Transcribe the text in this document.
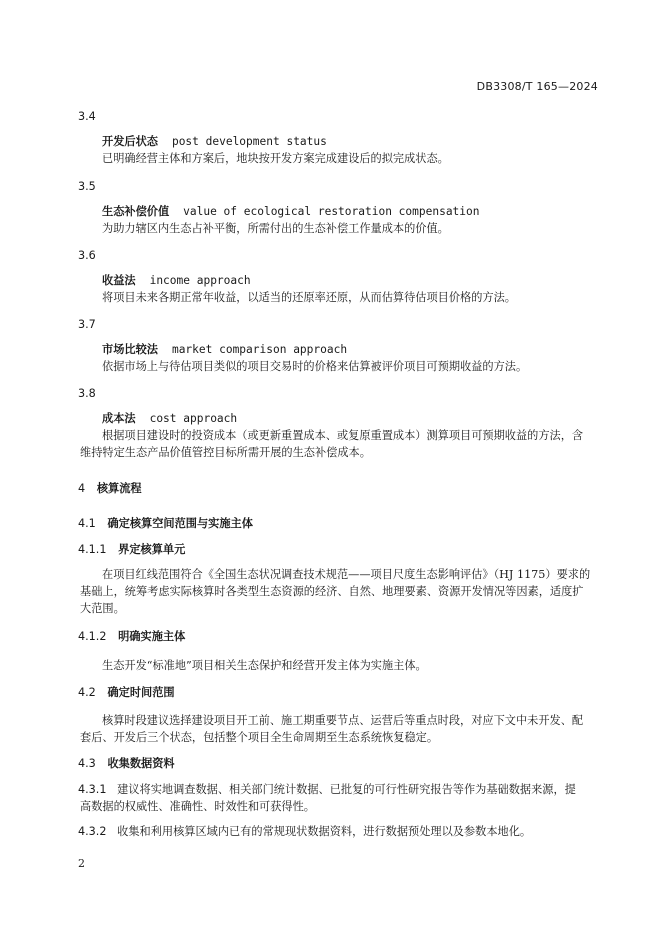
DB3308/T 165—2024
3.4
开发后状态 post development status
已明确经营主体和方案后，地块按开发方案完成建设后的拟完成状态。
3.5
生态补偿价值 value of ecological restoration compensation
为助力辖区内生态占补平衡，所需付出的生态补偿工作量成本的价值。
3.6
收益法 income approach
将项目未来各期正常年收益，以适当的还原率还原，从而估算待估项目价格的方法。
3.7
市场比较法 market comparison approach
依据市场上与待估项目类似的项目交易时的价格来估算被评价项目可预期收益的方法。
3.8
成本法 cost approach
根据项目建设时的投资成本（或更新重置成本、或复原重置成本）测算项目可预期收益的方法，含
维持特定生态产品价值管控目标所需开展的生态补偿成本。
4 核算流程
4.1 确定核算空间范围与实施主体
4.1.1 界定核算单元
在项目红线范围符合《全国生态状况调查技术规范——项目尺度生态影响评估》（HJ 1175）要求的
基础上，统筹考虑实际核算时各类型生态资源的经济、自然、地理要素、资源开发情况等因素，适度扩
大范围。
4.1.2 明确实施主体
生态开发“标准地”项目相关生态保护和经营开发主体为实施主体。
4.2 确定时间范围
核算时段建议选择建设项目开工前、施工期重要节点、运营后等重点时段，对应下文中未开发、配
套后、开发后三个状态，包括整个项目全生命周期至生态系统恢复稳定。
4.3 收集数据资料
4.3.1 建议将实地调查数据、相关部门统计数据、已批复的可行性研究报告等作为基础数据来源，提
高数据的权威性、准确性、时效性和可获得性。
4.3.2 收集和利用核算区域内已有的常规现状数据资料，进行数据预处理以及参数本地化。
2
